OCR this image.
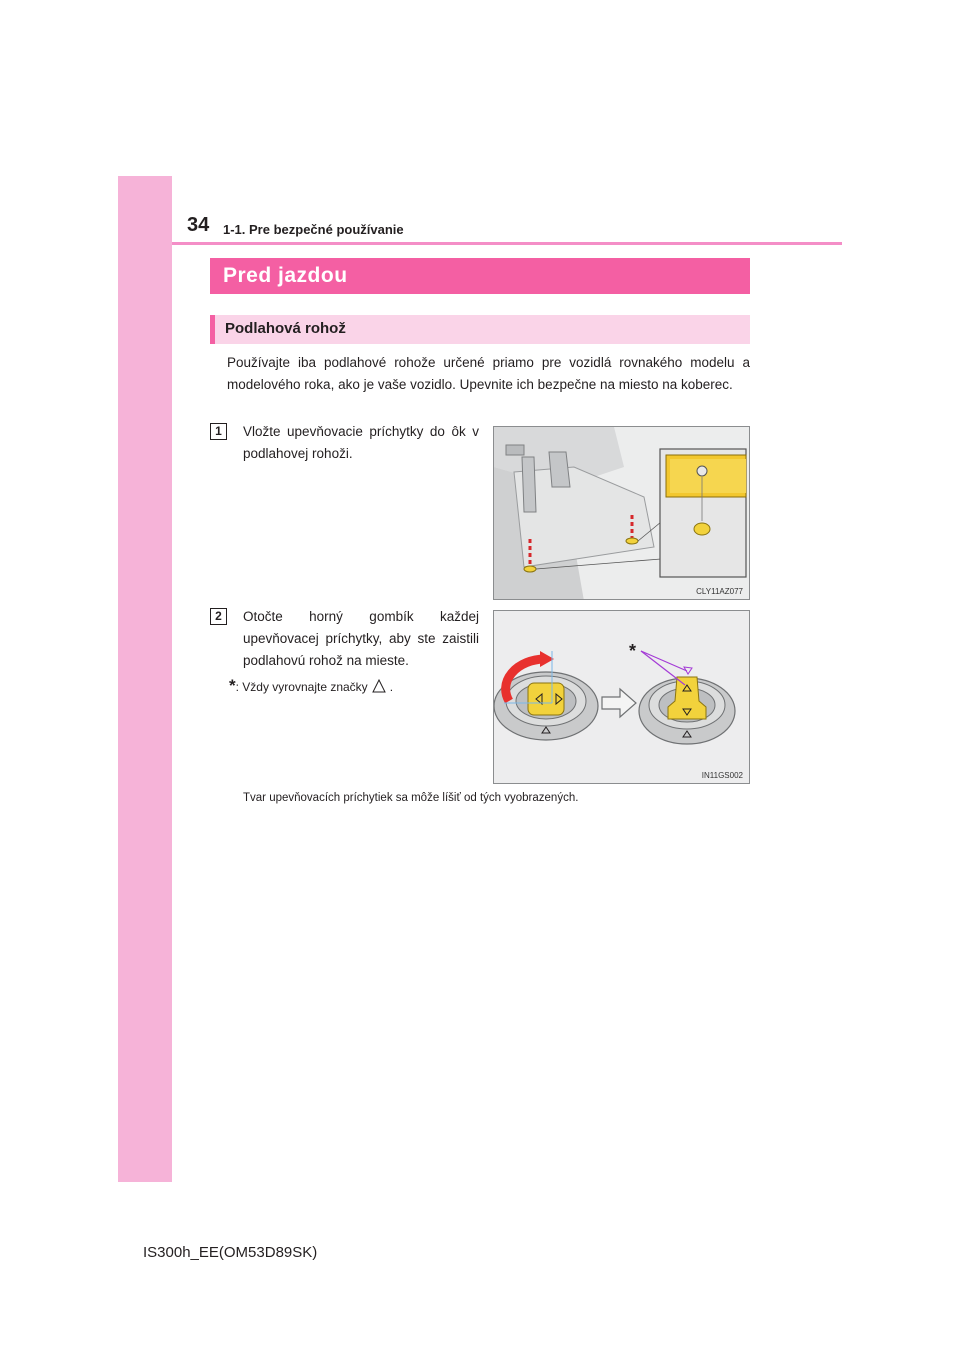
34 1-1. Pre bezpečné používanie
Pred jazdou
Podlahová rohož

Používajte iba podlahové rohože určené priamo pre vozidlá rovnakého modelu a modelového roka, ako je vaše vozidlo. Upevnite ich bezpečne na miesto na koberec.

1	Vložte upevňovacie príchytky do ôk v podlahovej rohoži.

CLY11AZ077
2	Otočte horný gombík každej upevňovacej príchytky, aby ste zaistili podlahovú rohož na mieste.

*: Vždy vyrovnajte značky .
*
IN11GS002

Tvar upevňovacích príchytiek sa môže líšiť od tých vyobrazených.

IS300h_EE(OM53D89SK)
